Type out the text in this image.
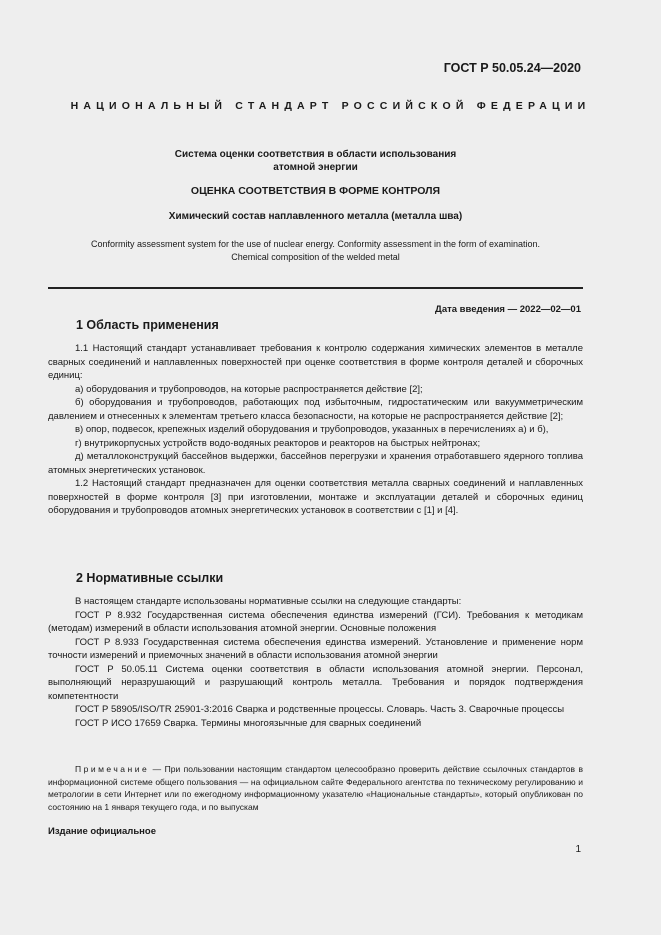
ГОСТ Р 50.05.24—2020
НАЦИОНАЛЬНЫЙ СТАНДАРТ РОССИЙСКОЙ ФЕДЕРАЦИИ
Система оценки соответствия в области использования
атомной энергии
ОЦЕНКА СООТВЕТСТВИЯ В ФОРМЕ КОНТРОЛЯ
Химический состав наплавленного металла (металла шва)
Conformity assessment system for the use of nuclear energy. Conformity assessment in the form of examination.
Chemical composition of the welded metal
Дата введения — 2022—02—01
1 Область применения

1.1 Настоящий стандарт устанавливает требования к контролю содержания химических элементов в металле сварных соединений и наплавленных поверхностей при оценке соответствия в форме контроля деталей и сборочных единиц:

а) оборудования и трубопроводов, на которые распространяется действие [2];

б) оборудования и трубопроводов, работающих под избыточным, гидростатическим или вакуумметрическим давлением и отнесенных к элементам третьего класса безопасности, на которые не распространяется действие [2];

в) опор, подвесок, крепежных изделий оборудования и трубопроводов, указанных в перечислениях а) и б),

г) внутрикорпусных устройств водо-водяных реакторов и реакторов на быстрых нейтронах;

д) металлоконструкций бассейнов выдержки, бассейнов перегрузки и хранения отработавшего ядерного топлива атомных энергетических установок.

1.2 Настоящий стандарт предназначен для оценки соответствия металла сварных соединений и наплавленных поверхностей в форме контроля [3] при изготовлении, монтаже и эксплуатации деталей и сборочных единиц оборудования и трубопроводов атомных энергетических установок в соответствии с [1] и [4].

2 Нормативные ссылки

В настоящем стандарте использованы нормативные ссылки на следующие стандарты:

ГОСТ Р 8.932 Государственная система обеспечения единства измерений (ГСИ). Требования к методикам (методам) измерений в области использования атомной энергии. Основные положения

ГОСТ Р 8.933 Государственная система обеспечения единства измерений. Установление и применение норм точности измерений и приемочных значений в области использования атомной энергии

ГОСТ Р 50.05.11 Система оценки соответствия в области использования атомной энергии. Персонал, выполняющий неразрушающий и разрушающий контроль металла. Требования и порядок подтверждения компетентности

ГОСТ Р 58905/ISO/TR 25901-3:2016 Сварка и родственные процессы. Словарь. Часть 3. Сварочные процессы

ГОСТ Р ИСО 17659 Сварка. Термины многоязычные для сварных соединений

Примечание — При пользовании настоящим стандартом целесообразно проверить действие ссылочных стандартов в информационной системе общего пользования — на официальном сайте Федерального агентства по техническому регулированию и метрологии в сети Интернет или по ежегодному информационному указателю «Национальные стандарты», который опубликован по состоянию на 1 января текущего года, и по выпускам

Издание официальное
1
